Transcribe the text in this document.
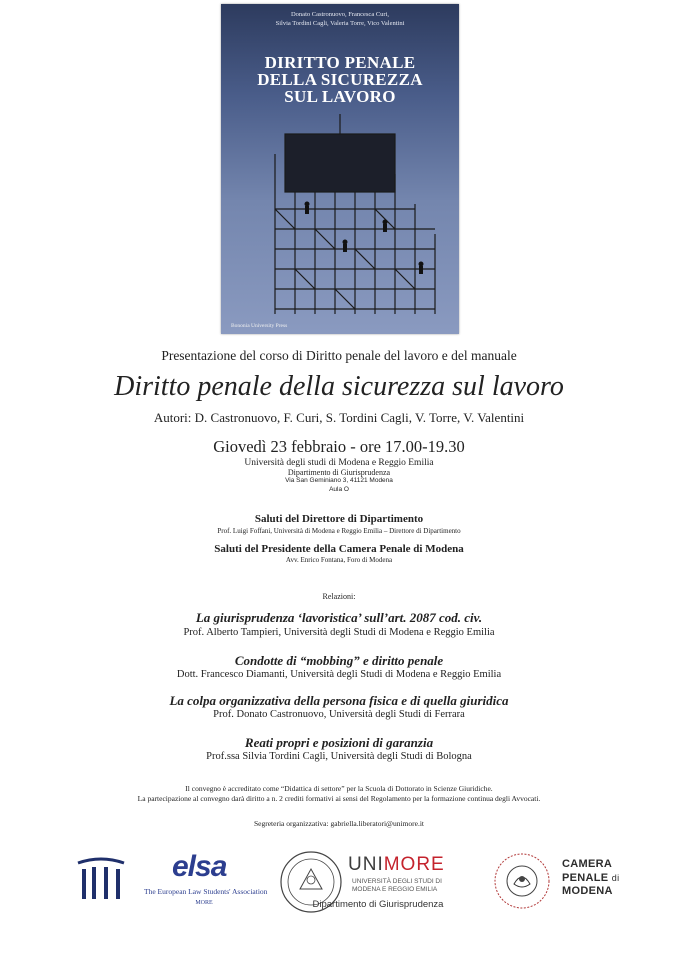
Donato Castronuovo, Francesca Curi,
Silvia Tordini Cagli, Valeria Torre, Vico Valentini
DIRITTO PENALE
DELLA SICUREZZA
SUL LAVORO
Bononia University Press
Presentazione del corso di Diritto penale del lavoro e del manuale
Diritto penale della sicurezza sul lavoro
Autori: D. Castronuovo, F. Curi, S. Tordini Cagli, V. Torre, V. Valentini
Giovedì 23 febbraio - ore 17.00-19.30
Università degli studi di Modena e Reggio Emilia
Dipartimento di Giurisprudenza
Via San Geminiano 3, 41121 Modena
Aula O
Saluti del Direttore di Dipartimento
Prof. Luigi Foffani, Università di Modena e Reggio Emilia – Direttore di Dipartimento
Saluti del Presidente della Camera Penale di Modena
Avv. Enrico Fontana, Foro di Modena
Relazioni:
La giurisprudenza ‘lavoristica’ sull’art. 2087 cod. civ.
Prof. Alberto Tampieri, Università degli Studi di Modena e Reggio Emilia
Condotte di “mobbing” e diritto penale
Dott. Francesco Diamanti, Università degli Studi di Modena e Reggio Emilia
La colpa organizzativa della persona fisica e di quella giuridica
Prof. Donato Castronuovo, Università degli Studi di Ferrara
Reati propri e posizioni di garanzia
Prof.ssa Silvia Tordini Cagli, Università degli Studi di Bologna
Il convegno è accreditato come “Didattica di settore” per la Scuola di Dottorato in Scienze Giuridiche.
La partecipazione al convegno darà diritto a n. 2 crediti formativi ai sensi del Regolamento per la formazione continua degli Avvocati.
Segreteria organizzativa: gabriella.liberatori@unimore.it
elsa
The European Law Students' Association
MORE
UNIMORE
UNIVERSITÀ DEGLI STUDI DI
MODENA E REGGIO EMILIA
Dipartimento di Giurisprudenza
CAMERA
PENALE di
MODENA
